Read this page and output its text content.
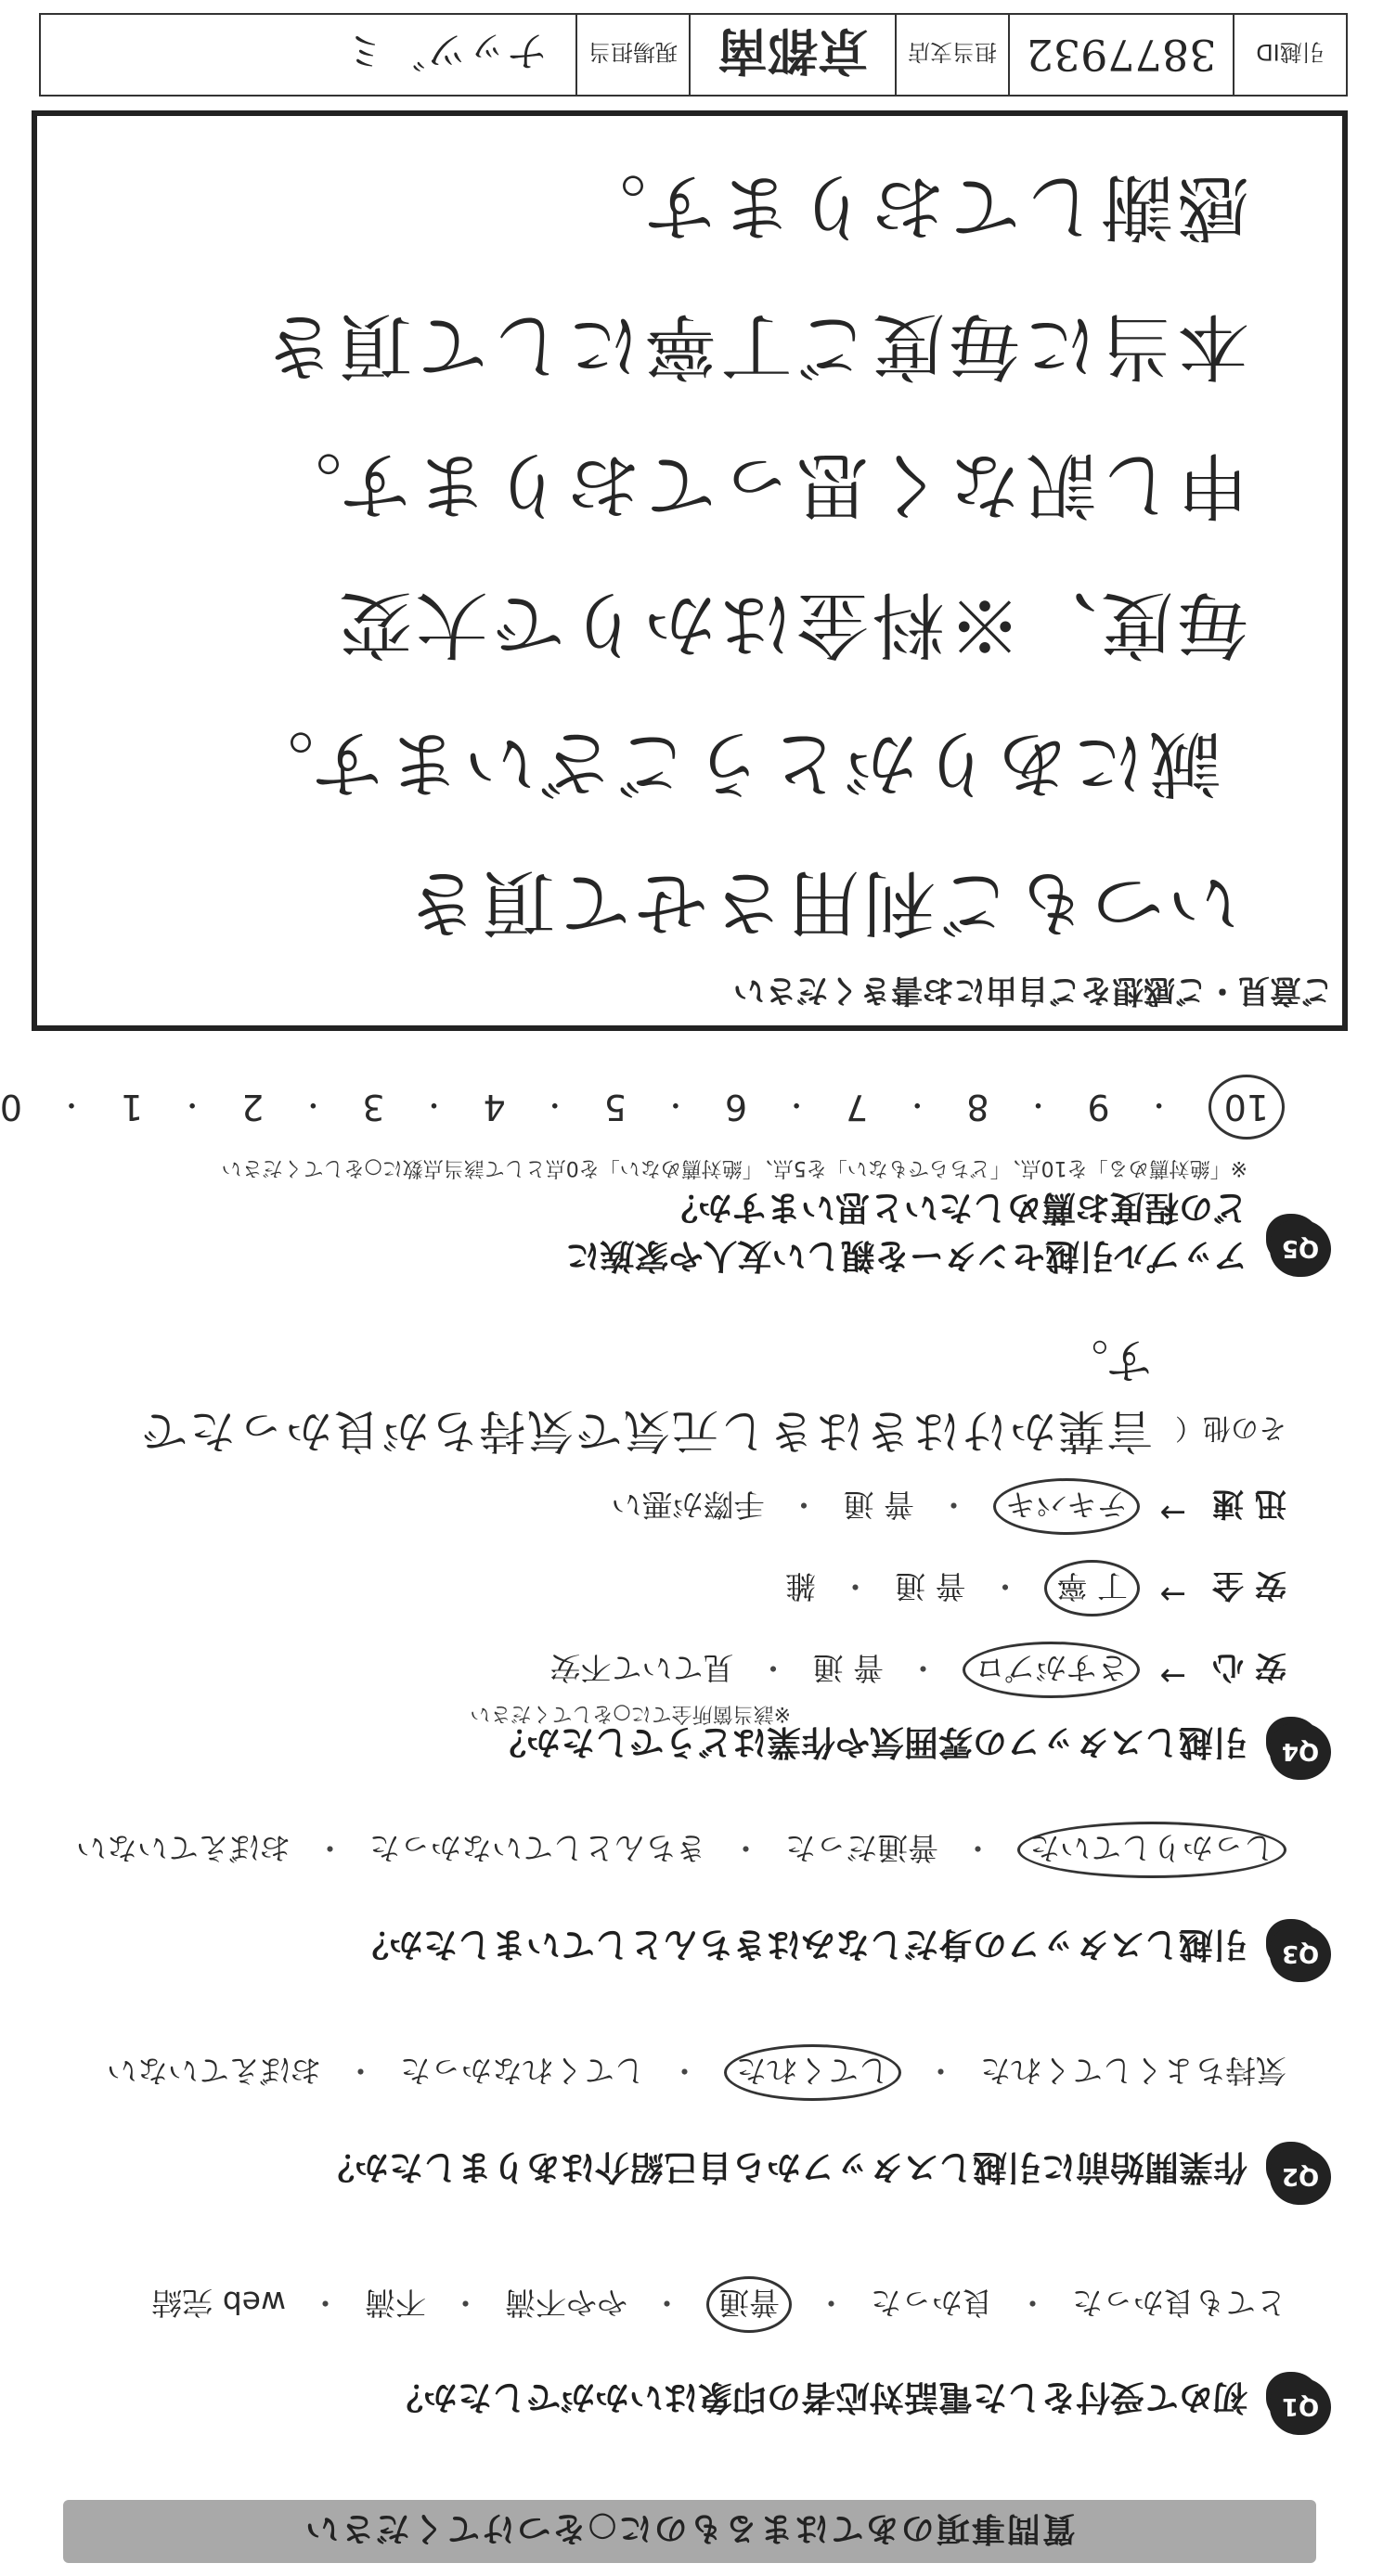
質問事項のあてはまるものに○をつけてください
Q1
初めて受付をした電話対応者の印象はいかがでしたか？
とても良かった
・
良かった
・
普通
・
やや不満
・
不満
・
web 完結
Q2
作業開始前に引越しスタッフから自己紹介はありましたか？
気持ちよくしてくれた
・
してくれた
・
してくれなかった
・
おぼえていない
Q3
引越しスタッフの身だしなみはきちんとしていましたか？
しっかりしていた
・
普通だった
・
きちんとしていなかった
・
おぼえていない
Q4
引越しスタッフの雰囲気や作業はどうでしたか？
※該当箇所全てに○をしてください
安 心
→
さすがプロ
・
普 通
・
見ていて不安
安 全
→
丁 寧
・
普 通
・
雑
迅 速
→
テキパキ
・
普 通
・
手際が悪い
その他（
言葉かけはきはきし元気で気持ちが良かったです。
Q5
アップル引越センターを親しい友人や家族に
どの程度お薦めしたいと思いますか？
※「絶対薦める」を10点、「どちらでもない」を5点、「絶対薦めない」を0点として該当点数に○をしてください
10
・
9
・
8
・
7
・
6
・
5
・
4
・
3
・
2
・
1
・
0
ご意見・ご感想をご自由にお書きください
いつもご利用させて頂き
誠にありがとうございます。
毎度、※料金はかりで大変
申し訳なく思っております。
本当に毎度ご丁寧にして頂き
感謝しております。
引越ID
3877932
担当支店
京都南
現場担当
ナッツ゛ミ
